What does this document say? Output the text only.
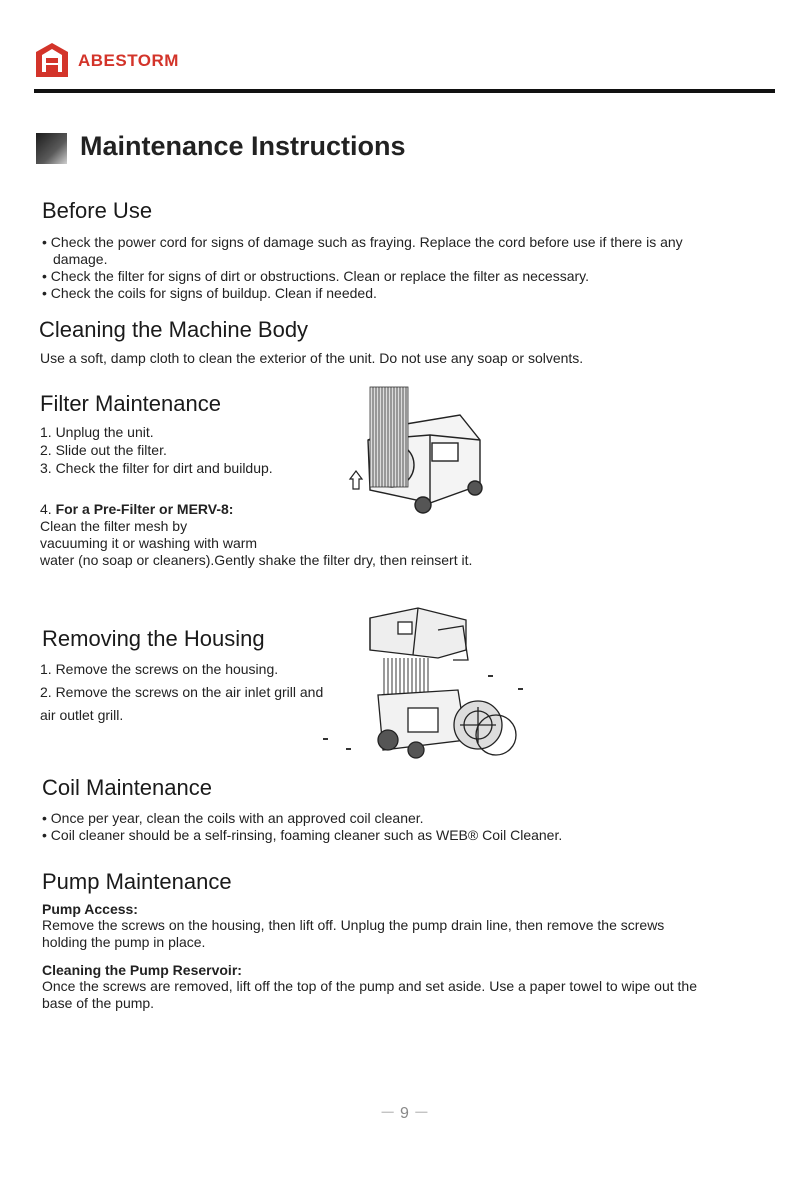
ABESTORM
Maintenance Instructions
Before Use
• Check the power cord for signs of damage such as fraying. Replace the cord before use if there is any damage.
• Check the filter for signs of dirt or obstructions. Clean or replace the filter as necessary.
• Check the coils for signs of buildup. Clean if needed.
Cleaning the Machine Body

Use a soft, damp cloth to clean the exterior of the unit. Do not use any soap or solvents.

Filter Maintenance
1. Unplug the unit.
2. Slide out the filter.
3. Check the filter for dirt and buildup.
4. For a Pre-Filter or MERV-8:
Clean the filter mesh by
vacuuming it or washing with warm
water (no soap or cleaners).Gently shake the filter dry, then reinsert it.
Removing the Housing
1. Remove the screws on the housing.
2. Remove the screws on the air inlet grill and
air outlet grill.
Coil Maintenance
• Once per year, clean the coils with an approved coil cleaner.
• Coil cleaner should be a self-rinsing, foaming cleaner such as WEB® Coil Cleaner.
Pump Maintenance
Pump Access:

Remove the screws on the housing, then lift off. Unplug the pump drain line, then remove the screws holding the pump in place.

Cleaning the Pump Reservoir:

Once the screws are removed, lift off the top of the pump and set aside. Use a paper towel to wipe out the base of the pump.

－ 9 －
